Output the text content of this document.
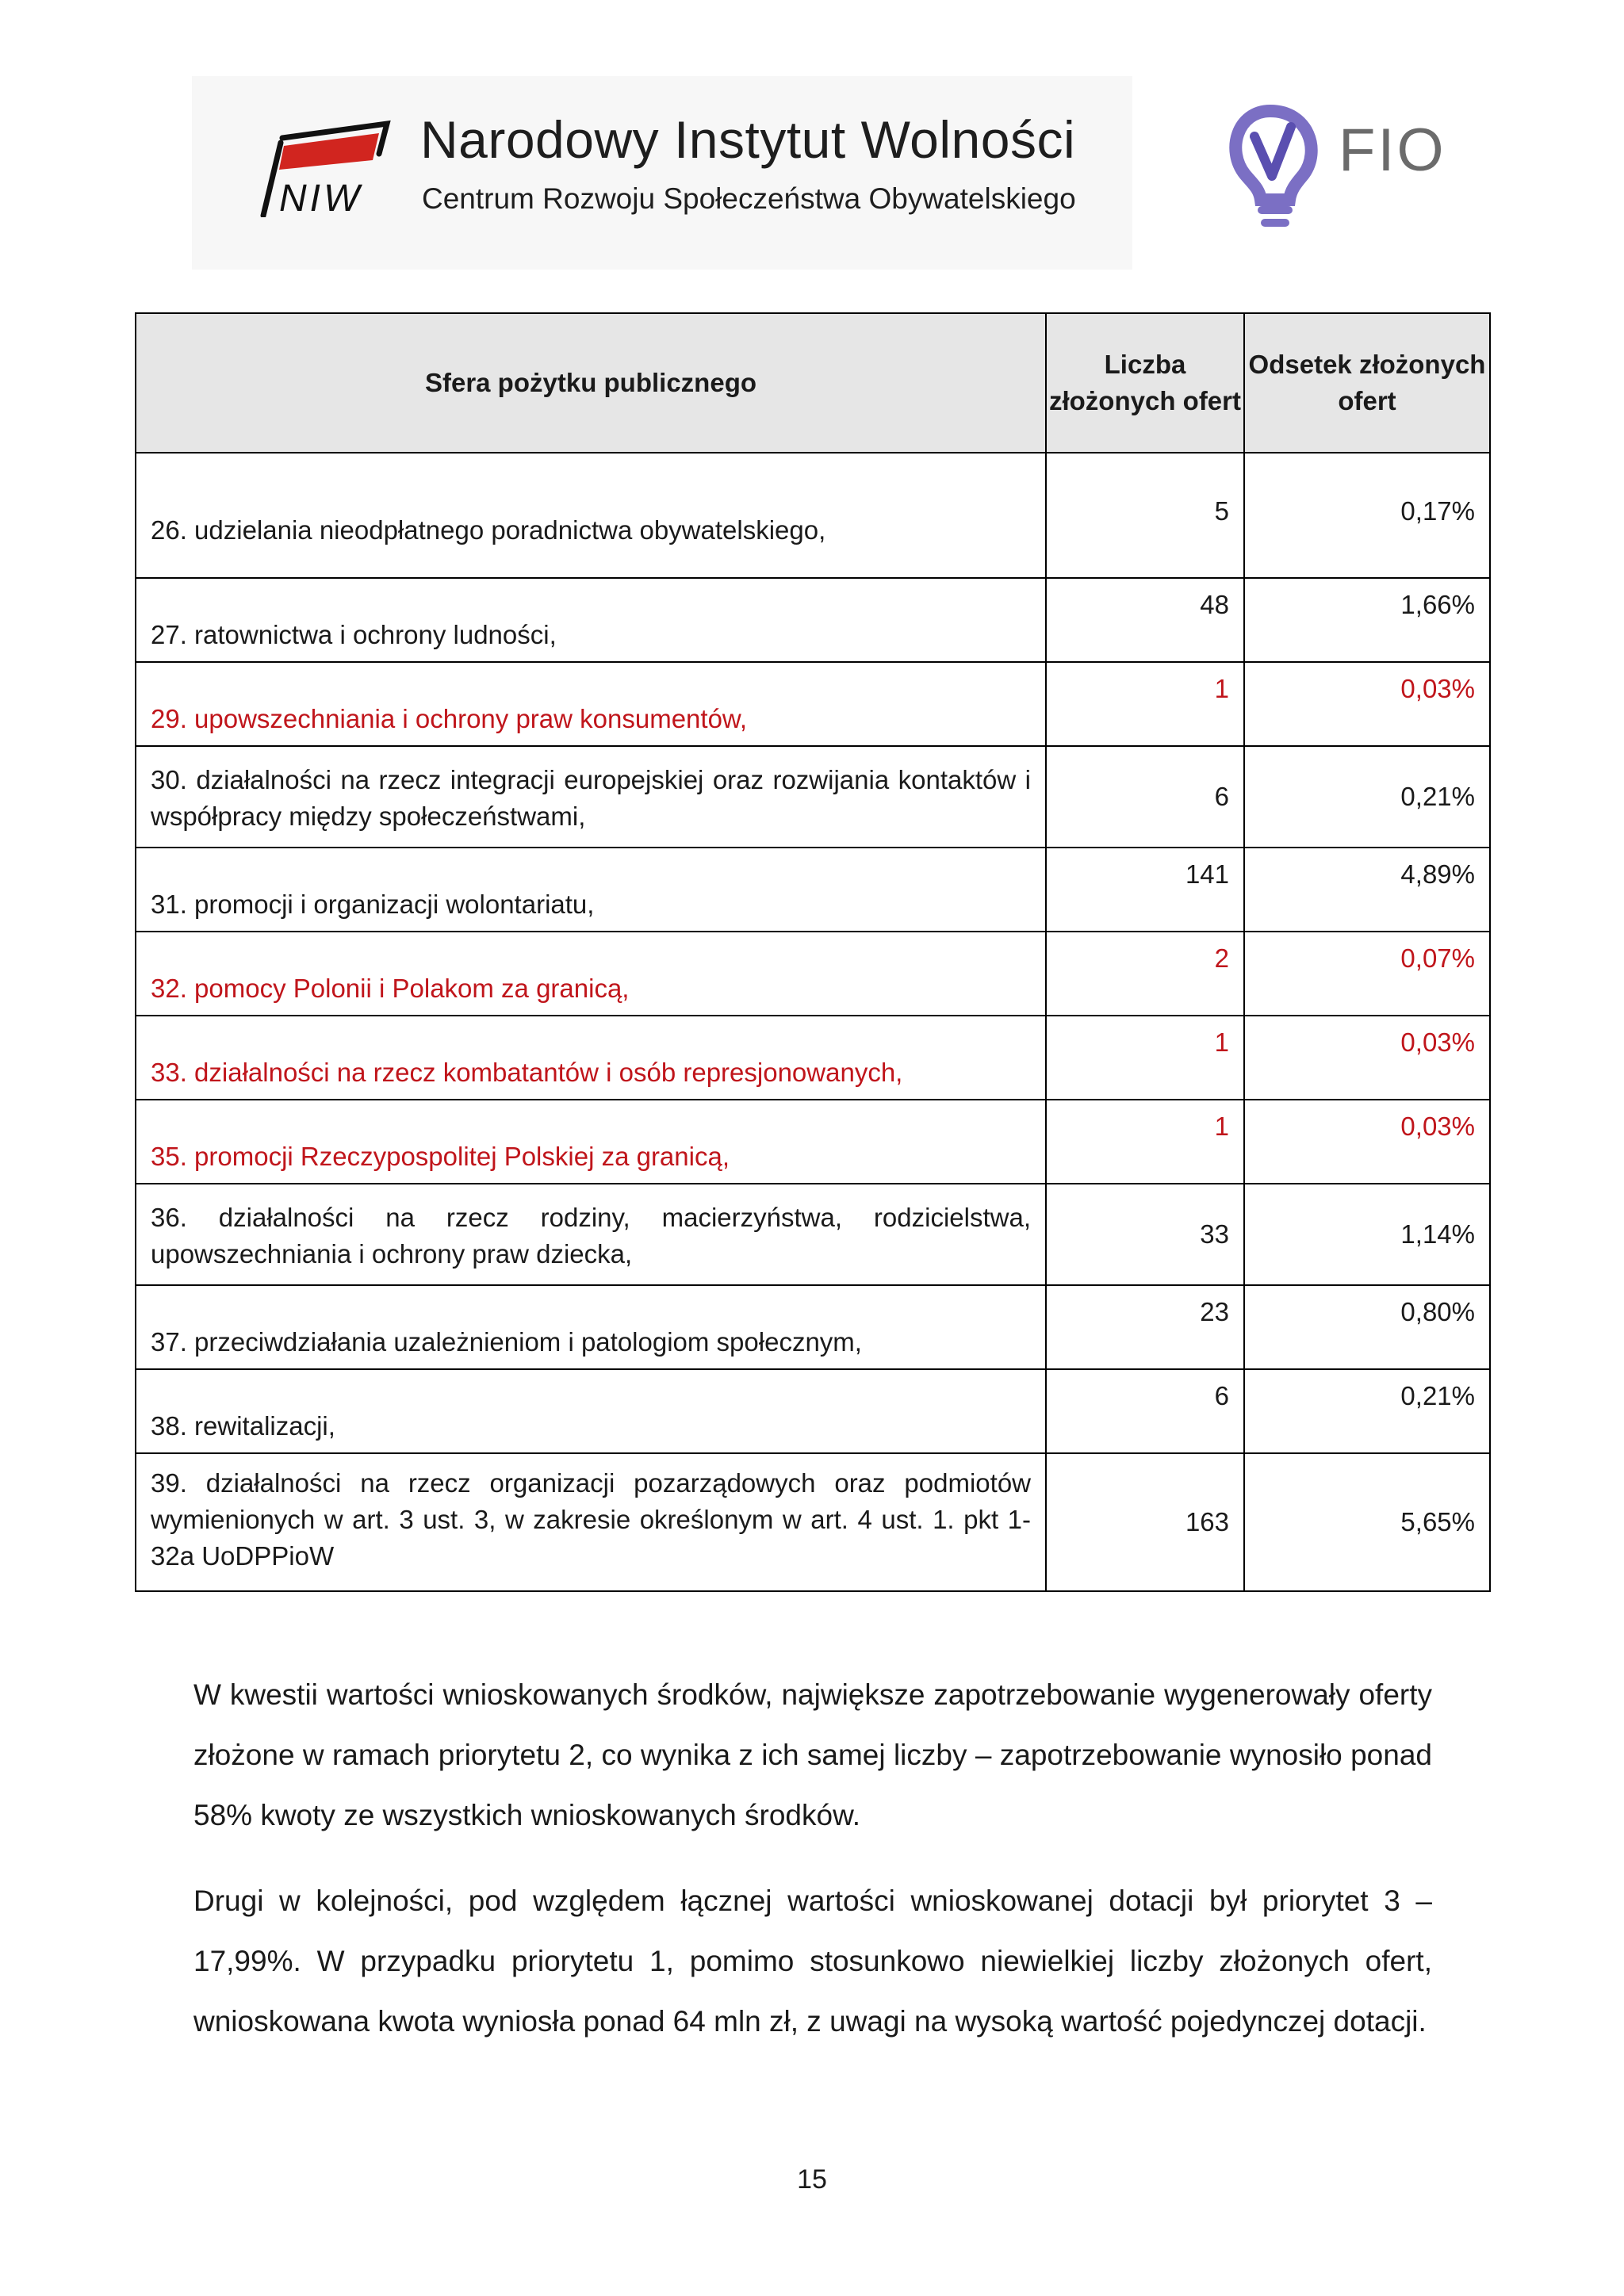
NIW
Narodowy Instytut Wolności
Centrum Rozwoju Społeczeństwa Obywatelskiego
FIO
Sfera pożytku publicznego	Liczba złożonych ofert	Odsetek złożonych ofert
26. udzielania nieodpłatnego poradnictwa obywatelskiego,	5	0,17%
27. ratownictwa i ochrony ludności,	48	1,66%
29. upowszechniania i ochrony praw konsumentów,	1	0,03%
30. działalności na rzecz integracji europejskiej oraz rozwijania kontaktów i współpracy między społeczeństwami,	6	0,21%
31. promocji i organizacji wolontariatu,	141	4,89%
32. pomocy Polonii i Polakom za granicą,	2	0,07%
33. działalności na rzecz kombatantów i osób represjonowanych,	1	0,03%
35. promocji Rzeczypospolitej Polskiej za granicą,	1	0,03%
36. działalności na rzecz rodziny, macierzyństwa, rodzicielstwa, upowszechniania i ochrony praw dziecka,	33	1,14%
37. przeciwdziałania uzależnieniom i patologiom społecznym,	23	0,80%
38. rewitalizacji,	6	0,21%
39. działalności na rzecz organizacji pozarządowych oraz podmiotów wymienionych w art. 3 ust. 3, w zakresie określonym w art. 4 ust. 1. pkt 1-32a UoDPPioW	163	5,65%

W kwestii wartości wnioskowanych środków, największe zapotrzebowanie wygenerowały oferty złożone w ramach priorytetu 2, co wynika z ich samej liczby – zapotrzebowanie wynosiło ponad 58% kwoty ze wszystkich wnioskowanych środków.

Drugi w kolejności, pod względem łącznej wartości wnioskowanej dotacji był priorytet 3 – 17,99%. W przypadku priorytetu 1, pomimo stosunkowo niewielkiej liczby złożonych ofert, wnioskowana kwota wyniosła ponad 64 mln zł, z uwagi na wysoką wartość pojedynczej dotacji.

15
